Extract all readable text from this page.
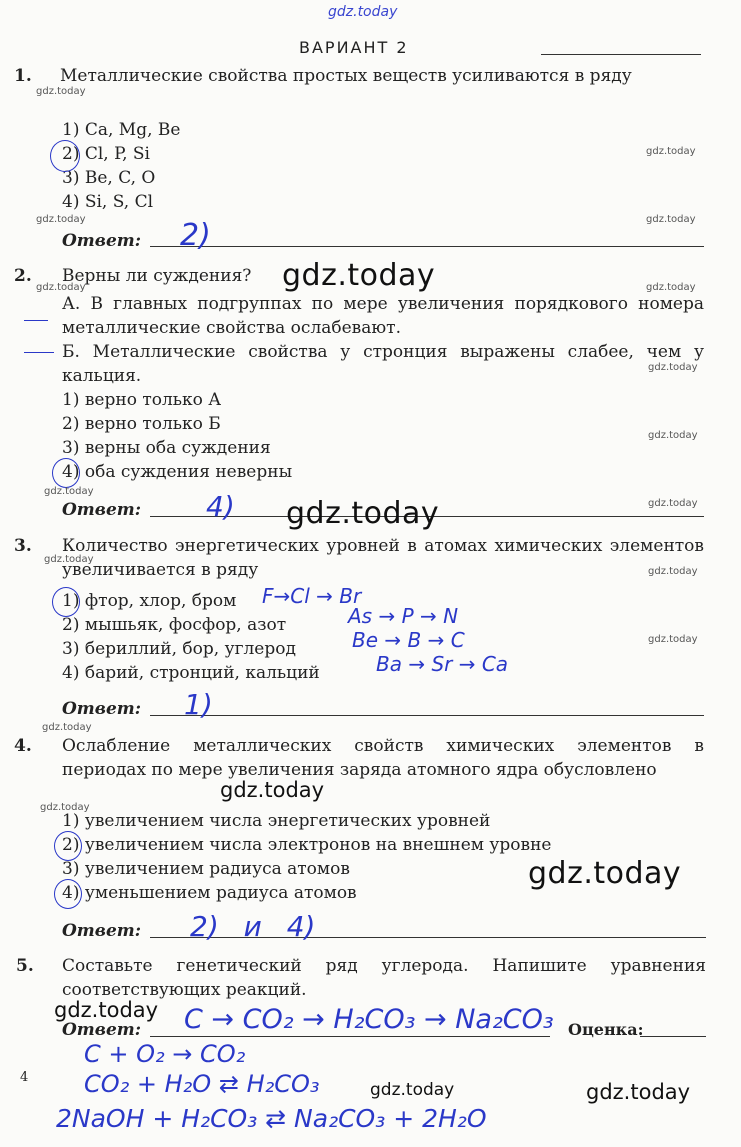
gdz.today
ВАРИАНТ 2
1. Металлические свойства простых веществ усиливаются в ряду
gdz.today
1) Ca, Mg, Be
2) Cl, P, Si
3) Be, C, O
4) Si, S, Cl
gdz.today
gdz.today	gdz.today
Ответ: 2)
2. Верны ли суждения? gdz.today
gdz.today	gdz.today
А. В главных подгруппах по мере увеличения порядкового номера металлические свойства ослабевают.
Б. Металлические свойства у стронция выражены слабее, чем у кальция.	gdz.today
1) верно только А
2) верно только Б
3) верны оба суждения
4) оба суждения неверны
gdz.today
gdz.today
gdz.today
Ответ: 4) gdz.today
3. Количество энергетических уровней в атомах химических элементов увеличивается в ряду
gdz.today
gdz.today
1) фтор, хлор, бром
2) мышьяк, фосфор, азот
3) бериллий, бор, углерод
4) барий, стронций, кальций
F→Cl → Br
As → P → N
Be → B → C
Ba → Sr → Ca
gdz.today
Ответ: 1)
gdz.today
4. Ослабление металлических свойств химических элементов в периодах по мере увеличения заряда атомного ядра обусловлено
gdz.today
gdz.today
1) увеличением числа энергетических уровней
2) увеличением числа электронов на внешнем уровне
3) увеличением радиуса атомов
4) уменьшением радиуса атомов
gdz.today
Ответ: 2) и 4)
5. Составьте генетический ряд углерода. Напишите уравнения соответствующих реакций.
gdz.today
Ответ: C → CO₂ → H₂CO₃ → Na₂CO₃ Оценка:
C + O₂ → CO₂
CO₂ + H₂O ⇄ H₂CO₃
2NaOH + H₂CO₃ ⇄ Na₂CO₃ + 2H₂O
gdz.today	gdz.today
4
